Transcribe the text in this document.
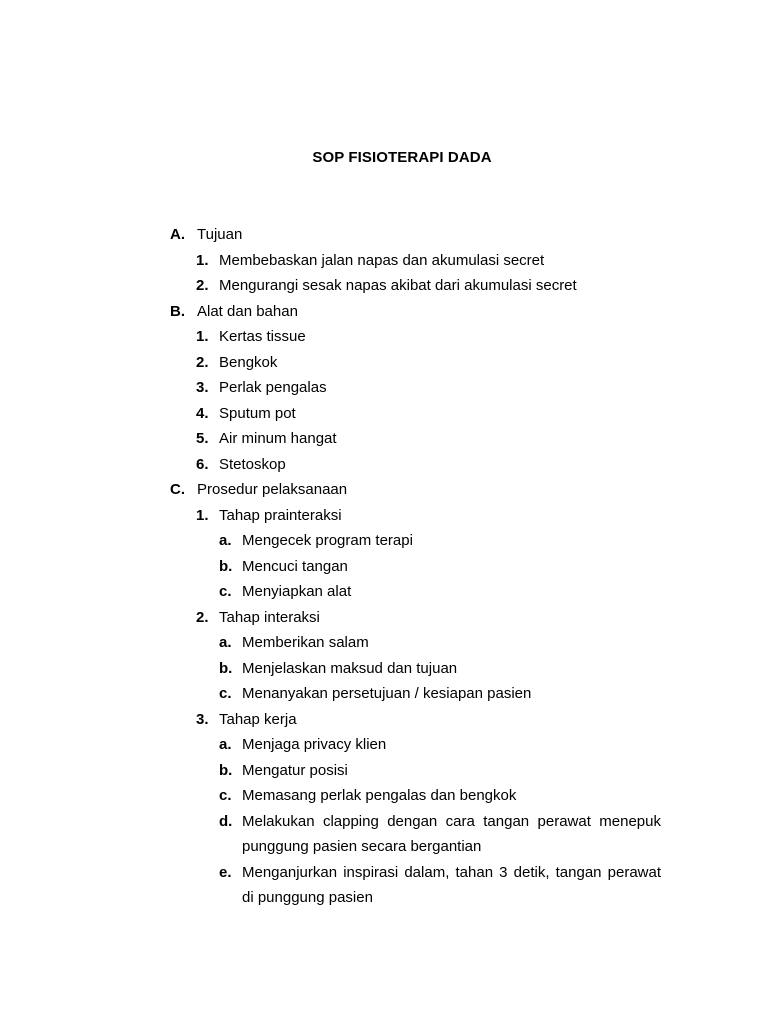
SOP FISIOTERAPI DADA
A. Tujuan
1. Membebaskan jalan napas dan akumulasi secret
2. Mengurangi sesak napas akibat dari akumulasi secret
B. Alat dan bahan
1. Kertas tissue
2. Bengkok
3. Perlak pengalas
4. Sputum pot
5. Air minum hangat
6. Stetoskop
C. Prosedur pelaksanaan
1. Tahap prainteraksi
a. Mengecek program terapi
b. Mencuci tangan
c. Menyiapkan alat
2. Tahap interaksi
a. Memberikan salam
b. Menjelaskan maksud dan tujuan
c. Menanyakan persetujuan / kesiapan pasien
3. Tahap kerja
a. Menjaga privacy klien
b. Mengatur posisi
c. Memasang perlak pengalas dan bengkok
d. Melakukan clapping dengan cara tangan perawat menepuk punggung pasien secara bergantian
e. Menganjurkan inspirasi dalam, tahan 3 detik, tangan perawat di punggung pasien
